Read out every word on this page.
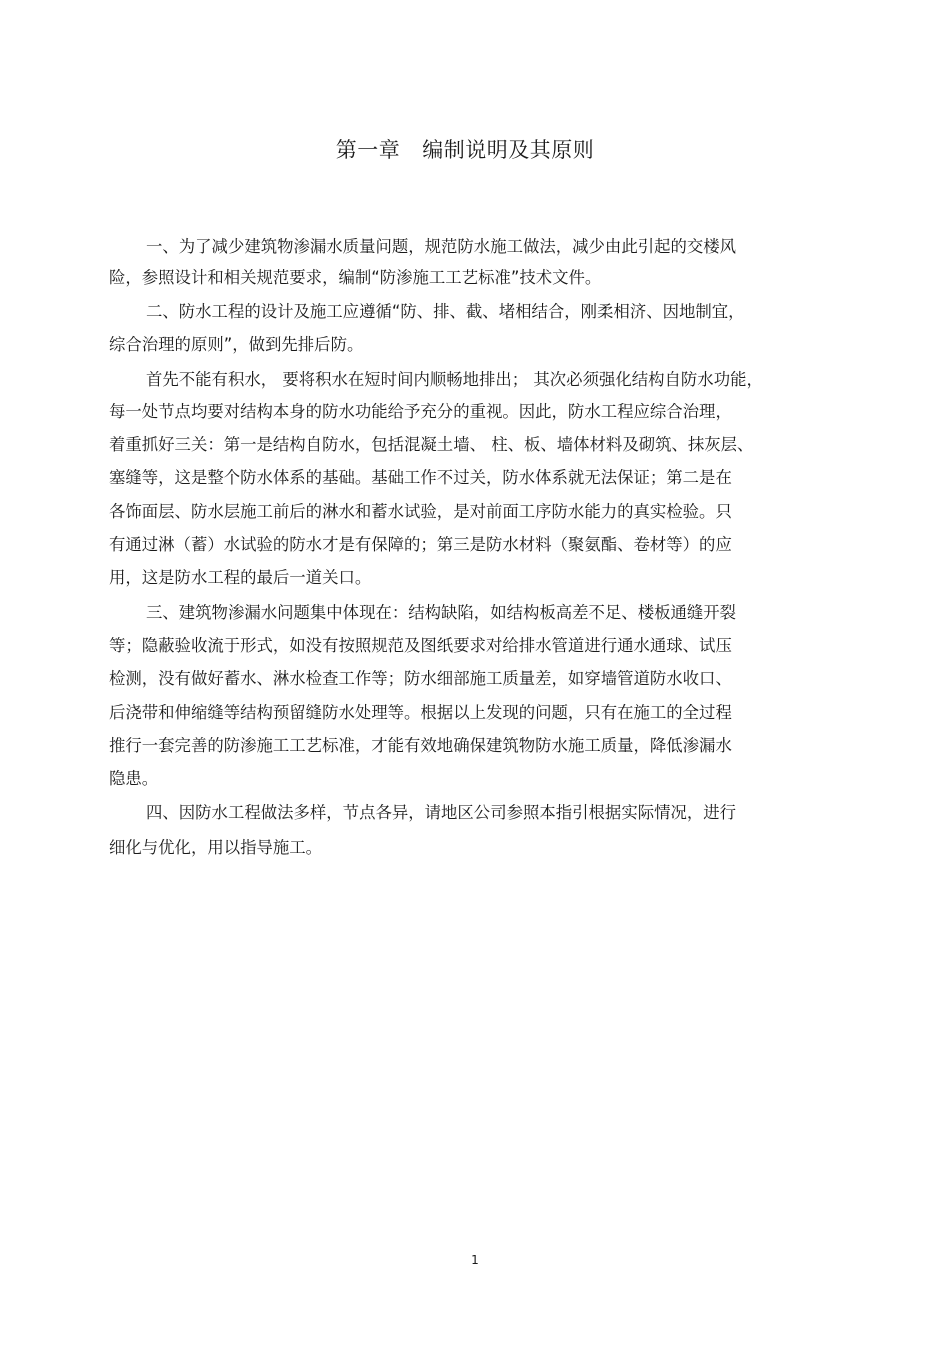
第一章 编制说明及其原则
一、为了减少建筑物渗漏水质量问题，规范防水施工做法，减少由此引起的交楼风
险，参照设计和相关规范要求，编制“防渗施工工艺标准”技术文件。
二、防水工程的设计及施工应遵循“防、排、截、堵相结合，刚柔相济、因地制宜，
综合治理的原则”，做到先排后防。
首先不能有积水， 要将积水在短时间内顺畅地排出； 其次必须强化结构自防水功能，
每一处节点均要对结构本身的防水功能给予充分的重视。因此，防水工程应综合治理，
着重抓好三关：第一是结构自防水，包括混凝土墙、 柱、板、墙体材料及砌筑、抹灰层、
塞缝等，这是整个防水体系的基础。基础工作不过关，防水体系就无法保证；第二是在
各饰面层、防水层施工前后的淋水和蓄水试验，是对前面工序防水能力的真实检验。只
有通过淋（蓄）水试验的防水才是有保障的；第三是防水材料（聚氨酯、卷材等）的应
用，这是防水工程的最后一道关口。
三、建筑物渗漏水问题集中体现在：结构缺陷，如结构板高差不足、楼板通缝开裂
等；隐蔽验收流于形式，如没有按照规范及图纸要求对给排水管道进行通水通球、试压
检测，没有做好蓄水、淋水检查工作等；防水细部施工质量差，如穿墙管道防水收口、
后浇带和伸缩缝等结构预留缝防水处理等。根据以上发现的问题，只有在施工的全过程
推行一套完善的防渗施工工艺标准，才能有效地确保建筑物防水施工质量，降低渗漏水
隐患。
四、因防水工程做法多样，节点各异，请地区公司参照本指引根据实际情况，进行
细化与优化，用以指导施工。
1
